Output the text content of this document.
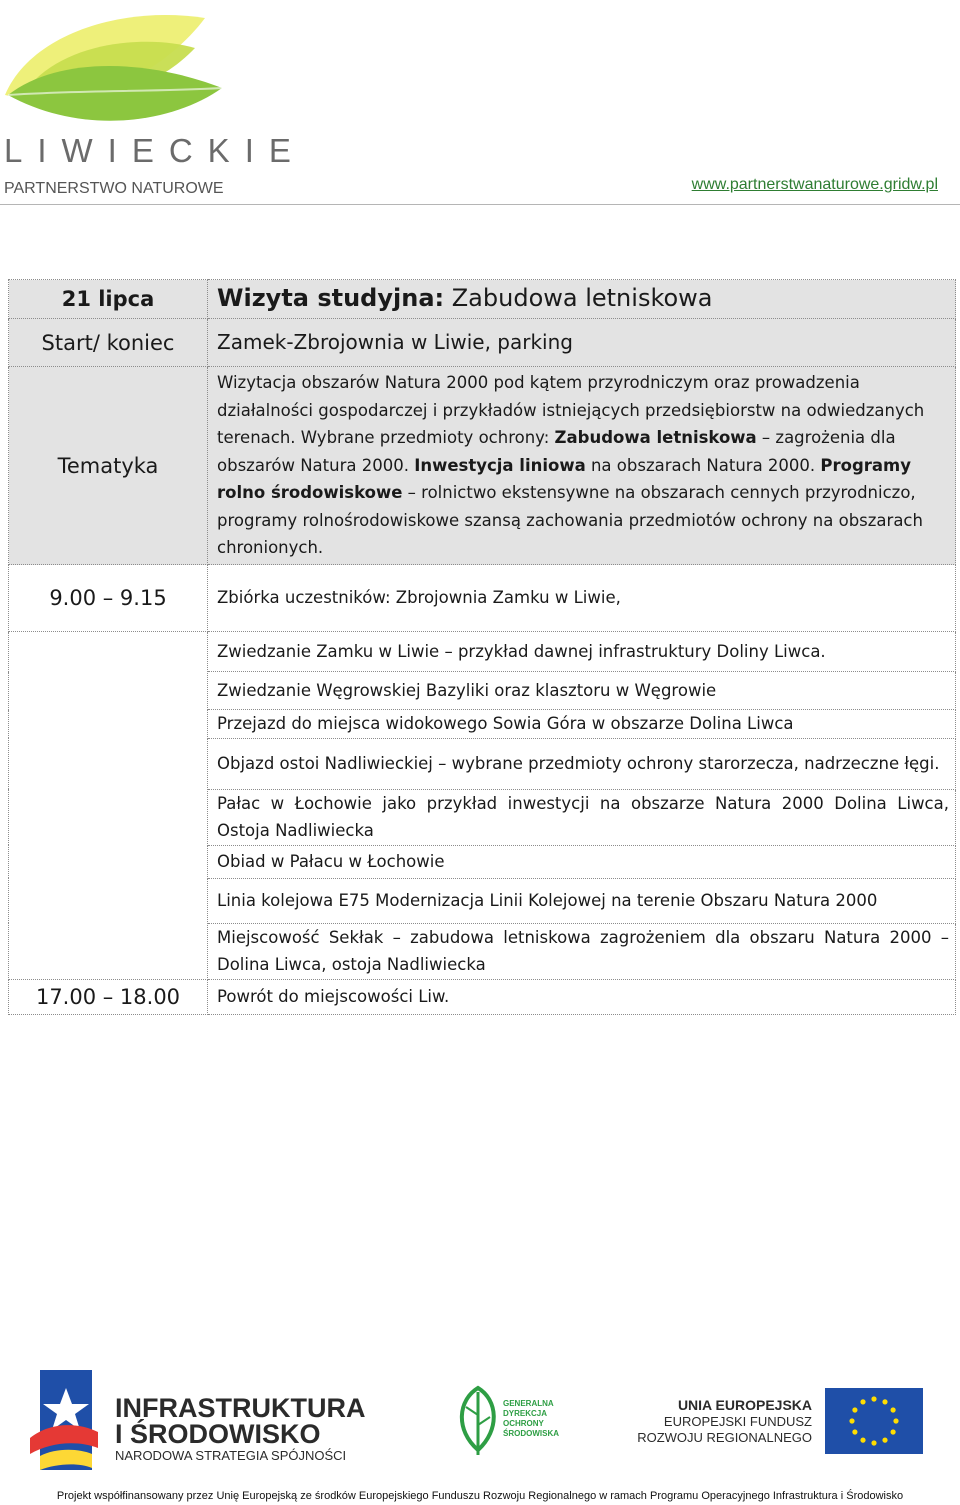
LIWIECKIE
PARTNERSTWO NATUROWE	www.partnerstwanaturowe.gridw.pl
21 lipca	Wizyta studyjna: Zabudowa letniskowa
Start/ koniec	Zamek-Zbrojownia w Liwie, parking
Tematyka	Wizytacja obszarów Natura 2000 pod kątem przyrodniczym oraz prowadzenia działalności gospodarczej i przykładów istniejących przedsiębiorstw na odwiedzanych terenach. Wybrane przedmioty ochrony: Zabudowa letniskowa – zagrożenia dla obszarów Natura 2000. Inwestycja liniowa na obszarach Natura 2000. Programy rolno środowiskowe – rolnictwo ekstensywne na obszarach cennych przyrodniczo, programy rolnośrodowiskowe szansą zachowania przedmiotów ochrony na obszarach chronionych.
9.00 – 9.15	Zbiórka uczestników: Zbrojownia Zamku w Liwie,
	Zwiedzanie Zamku w Liwie – przykład dawnej infrastruktury Doliny Liwca.
	Zwiedzanie Węgrowskiej Bazyliki oraz klasztoru w Węgrowie
	Przejazd do miejsca widokowego Sowia Góra w obszarze Dolina Liwca
	Objazd ostoi Nadliwieckiej – wybrane przedmioty ochrony starorzecza, nadrzeczne łęgi.
	Pałac w Łochowie jako przykład inwestycji na obszarze Natura 2000 Dolina Liwca, Ostoja Nadliwiecka
	Obiad w Pałacu w Łochowie
	Linia kolejowa E75 Modernizacja Linii Kolejowej na terenie Obszaru Natura 2000
	Miejscowość Sekłak – zabudowa letniskowa zagrożeniem dla obszaru Natura 2000 – Dolina Liwca, ostoja Nadliwiecka
17.00 – 18.00	Powrót do miejscowości Liw.
INFRASTRUKTURA
I ŚRODOWISKO
NARODOWA STRATEGIA SPÓJNOŚCI
GENERALNA
DYREKCJA
OCHRONY
ŚRODOWISKA
UNIA EUROPEJSKA
EUROPEJSKI FUNDUSZ
ROZWOJU REGIONALNEGO
Projekt współfinansowany przez Unię Europejską ze środków Europejskiego Funduszu Rozwoju Regionalnego w ramach Programu Operacyjnego Infrastruktura i Środowisko
